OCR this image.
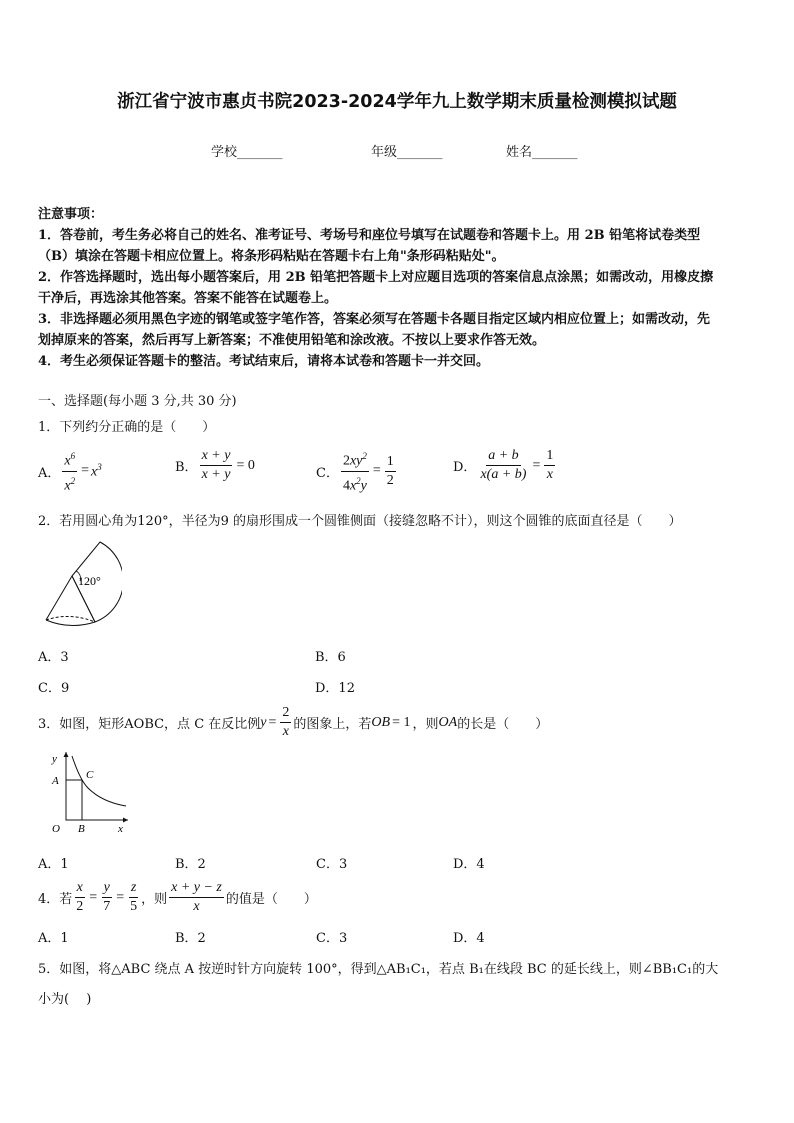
浙江省宁波市惠贞书院2023-2024学年九上数学期末质量检测模拟试题
学校_______	年级_______	姓名_______
注意事项：
1．答卷前，考生务必将自己的姓名、准考证号、考场号和座位号填写在试题卷和答题卡上。用 2B 铅笔将试卷类型
（B）填涂在答题卡相应位置上。将条形码粘贴在答题卡右上角"条形码粘贴处"。
2．作答选择题时，选出每小题答案后，用 2B 铅笔把答题卡上对应题目选项的答案信息点涂黑；如需改动，用橡皮擦
干净后，再选涂其他答案。答案不能答在试题卷上。
3．非选择题必须用黑色字迹的钢笔或签字笔作答，答案必须写在答题卡各题目指定区域内相应位置上；如需改动，先
划掉原来的答案，然后再写上新答案；不准使用铅笔和涂改液。不按以上要求作答无效。
4．考生必须保证答题卡的整洁。考试结束后，请将本试卷和答题卡一并交回。
一、选择题(每小题 3 分,共 30 分)
1．下列约分正确的是（　　）
A． $\frac{x^6}{x^2} = x^3$	B． $\frac{x + y}{x + y} = 0$
C． $\frac{2xy^2}{4x^2y} = \frac{1}{2}$	D． $\frac{a + b}{x(a + b)} = \frac{1}{x}$
2．若用圆心角为120°，半径为9 的扇形围成一个圆锥侧面（接缝忽略不计），则这个圆锥的底面直径是（　　）
120°
A．3	B．6
C．9	D．12
3．如图，矩形AOBC，点 C 在反比例 $y = \frac{2}{x}$ 的图象上，若 OB = 1 ，则 OA 的长是（　　）
y
A C
O B	x
A．1	B．2	C．3	D．4
4．若 $\frac{x}{2} = \frac{y}{7} = \frac{z}{5}$ ，则 $\frac{x + y - z}{x}$ 的值是（　　）
A．1	B．2	C．3	D．4
5．如图，将△ABC 绕点 A 按逆时针方向旋转 100°，得到△AB₁C₁，若点 B₁在线段 BC 的延长线上，则∠BB₁C₁的大
小为(　 )
